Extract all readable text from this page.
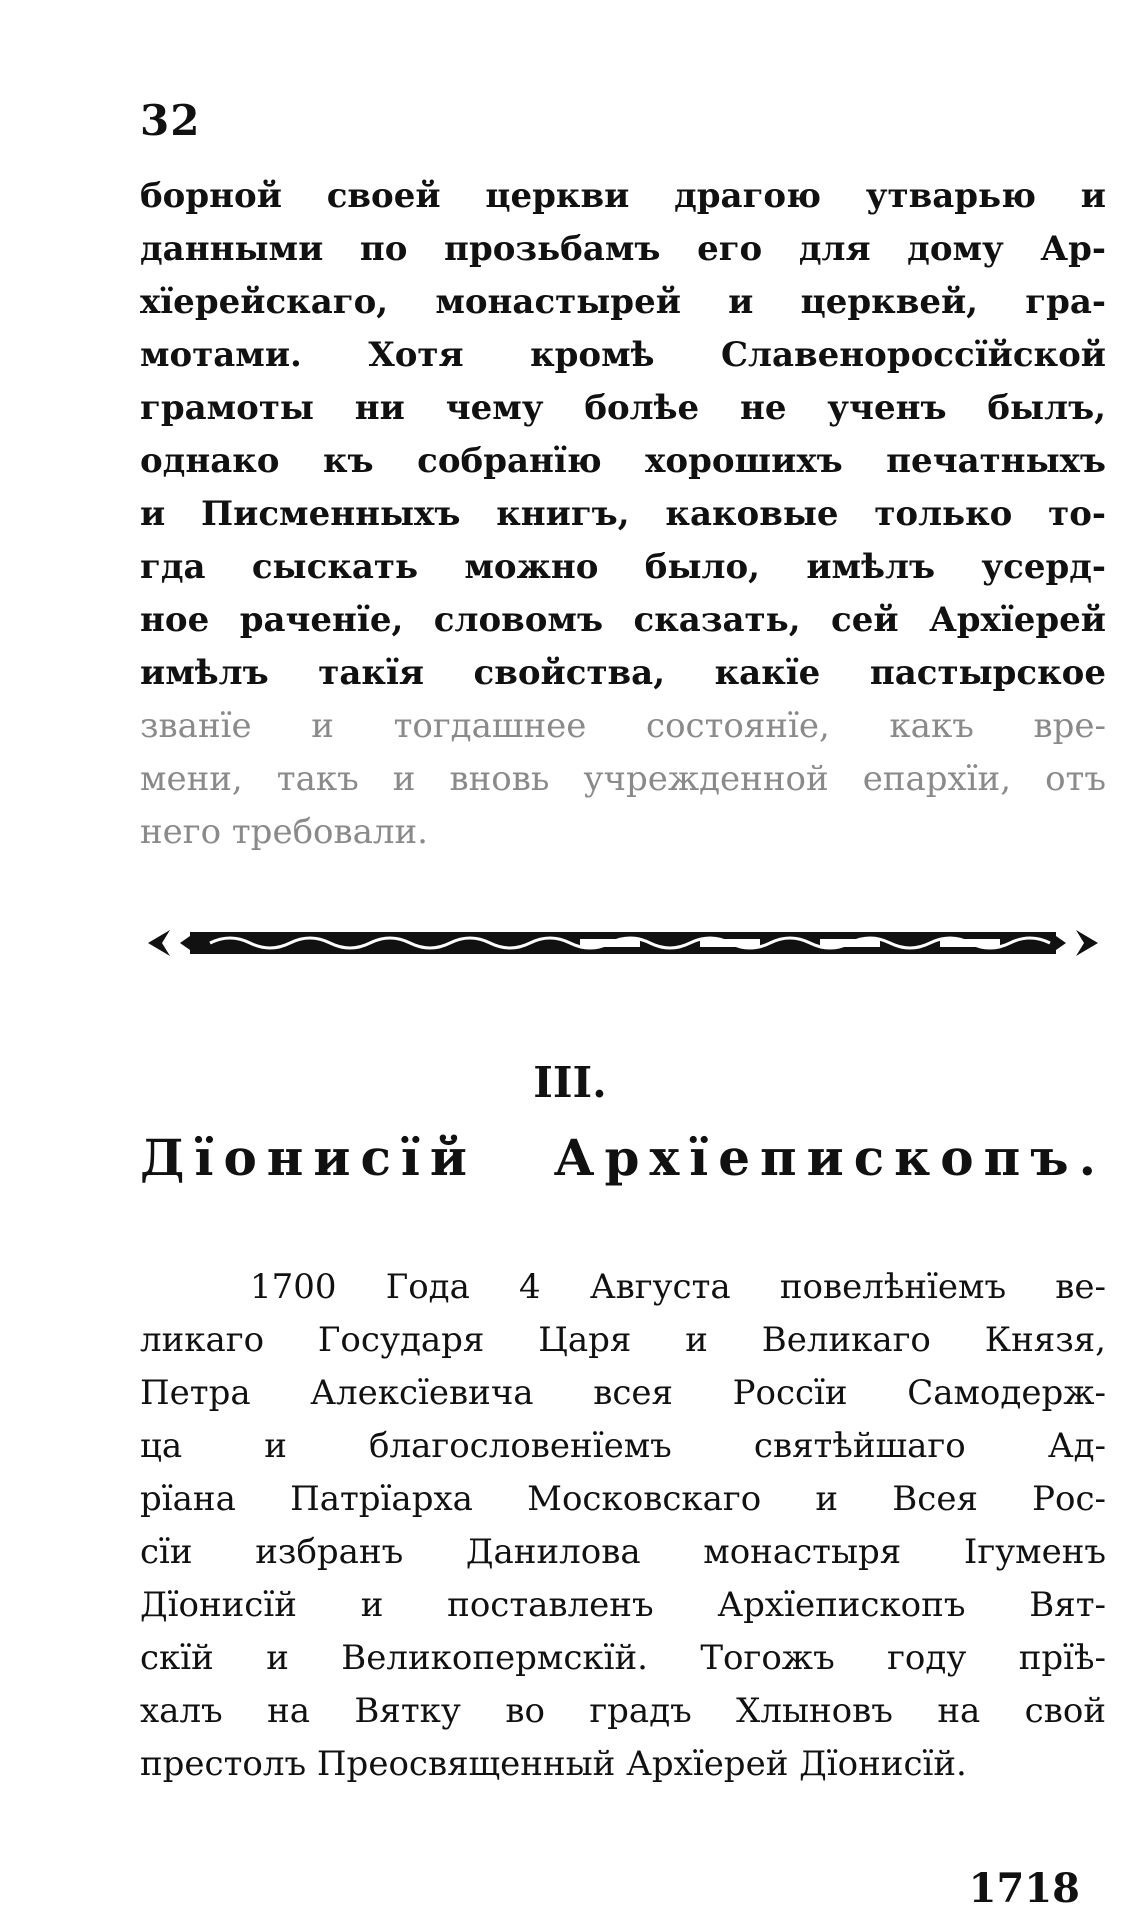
32
борной своей церкви драгою утварью и
данными по прозьбамъ его для дому Ар-
хїерейскаго, монастырей и церквей, гра-
мотами. Хотя кромѣ Славенороссїйской
грамоты ни чему болѣе не ученъ былъ,
однако къ собранїю хорошихъ печатныхъ
и Писменныхъ книгъ, каковые только то-
гда сыскать можно было, имѣлъ усерд-
ное раченїе, словомъ сказать, сей Архїерей
имѣлъ такїя свойства, какїе пастырское
званїе и тогдашнее состоянїе, какъ вре-
мени, такъ и вновь учрежденной епархїи, отъ
него требовали.
III.
Дїонисїй Архїепископъ.
1700 Года 4 Августа повелѣнїемъ ве-
ликаго Государя Царя и Великаго Князя,
Петра Алексїевича всея Россїи Самодерж-
ца и благословенїемъ святѣйшаго Ад-
рїана Патрїарха Московскаго и Всея Рос-
сїи избранъ Данилова монастыря Ігуменъ
Дїонисїй и поставленъ Архїепископъ Вят-
скїй и Великопермскїй. Тогожъ году прїѣ-
халъ на Вятку во градъ Хлыновъ на свой
престолъ Преосвященный Архїерей Дїонисїй.
1718
